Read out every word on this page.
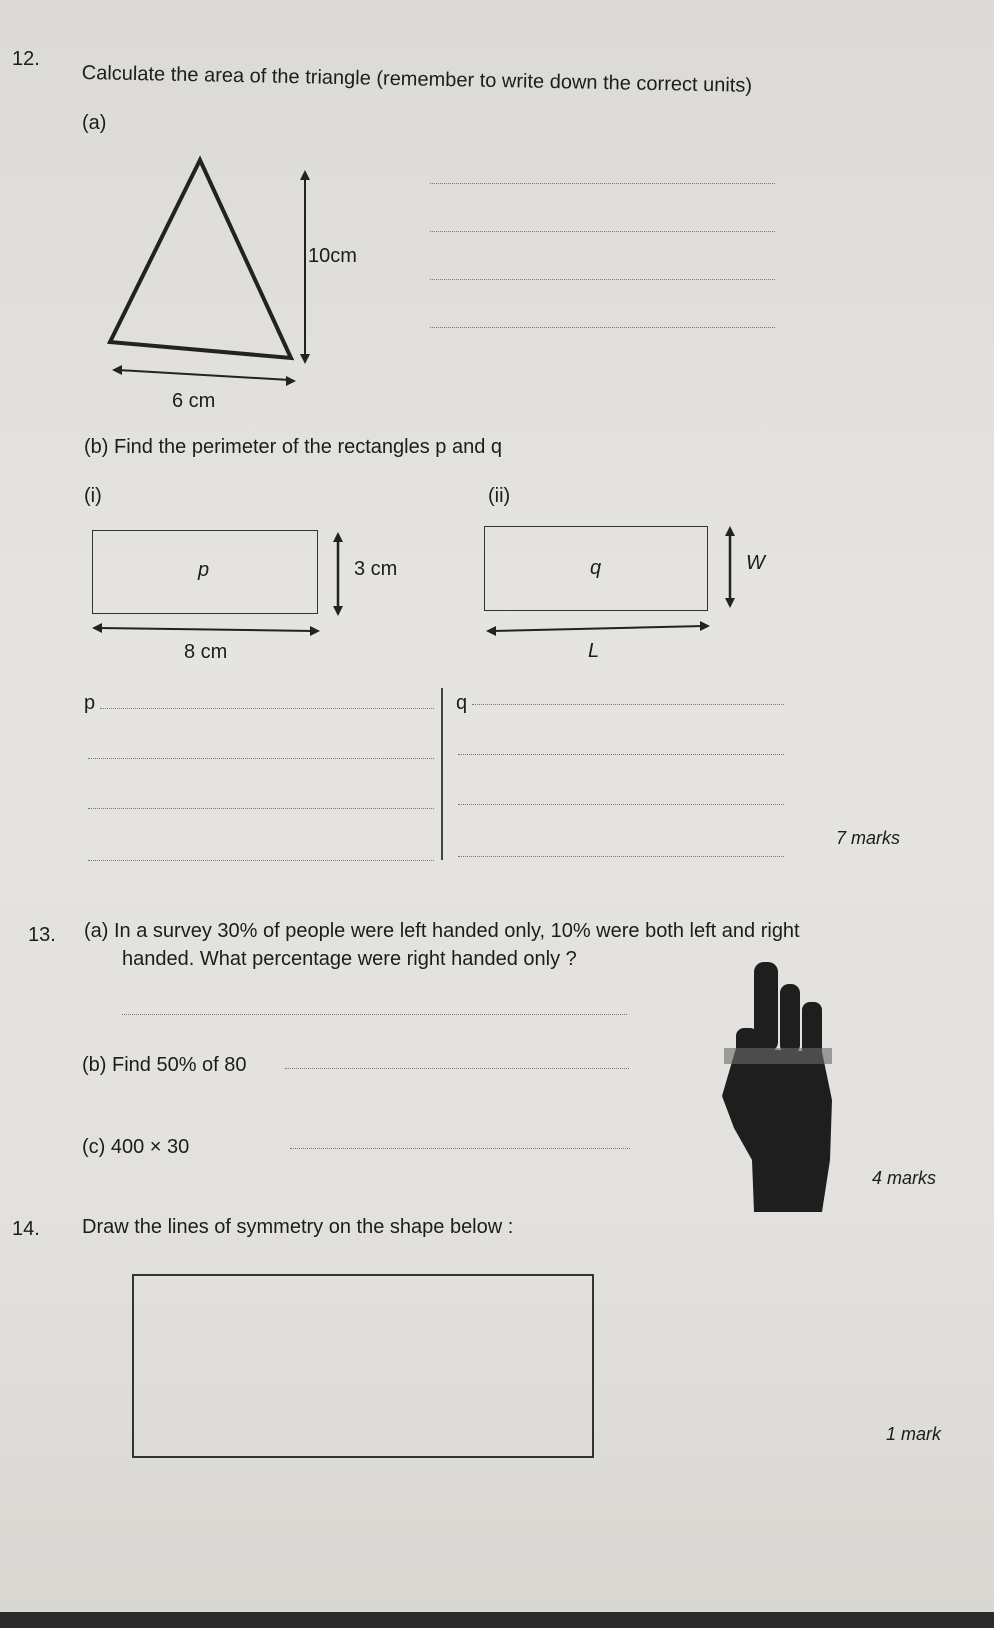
12.
Calculate the area of the triangle (remember to write down the correct units)
(a)
10cm
6 cm
(b) Find the perimeter of the rectangles p and q
(i)	(ii)
p	3 cm
8 cm
q	W
L
p	q
7 marks
13. (a) In a survey 30% of people were left handed only, 10% were both left and right
handed. What percentage were right handed only ?
(b) Find 50% of 80
(c) 400 × 30
4 marks
14. Draw the lines of symmetry on the shape below :
1 mark
